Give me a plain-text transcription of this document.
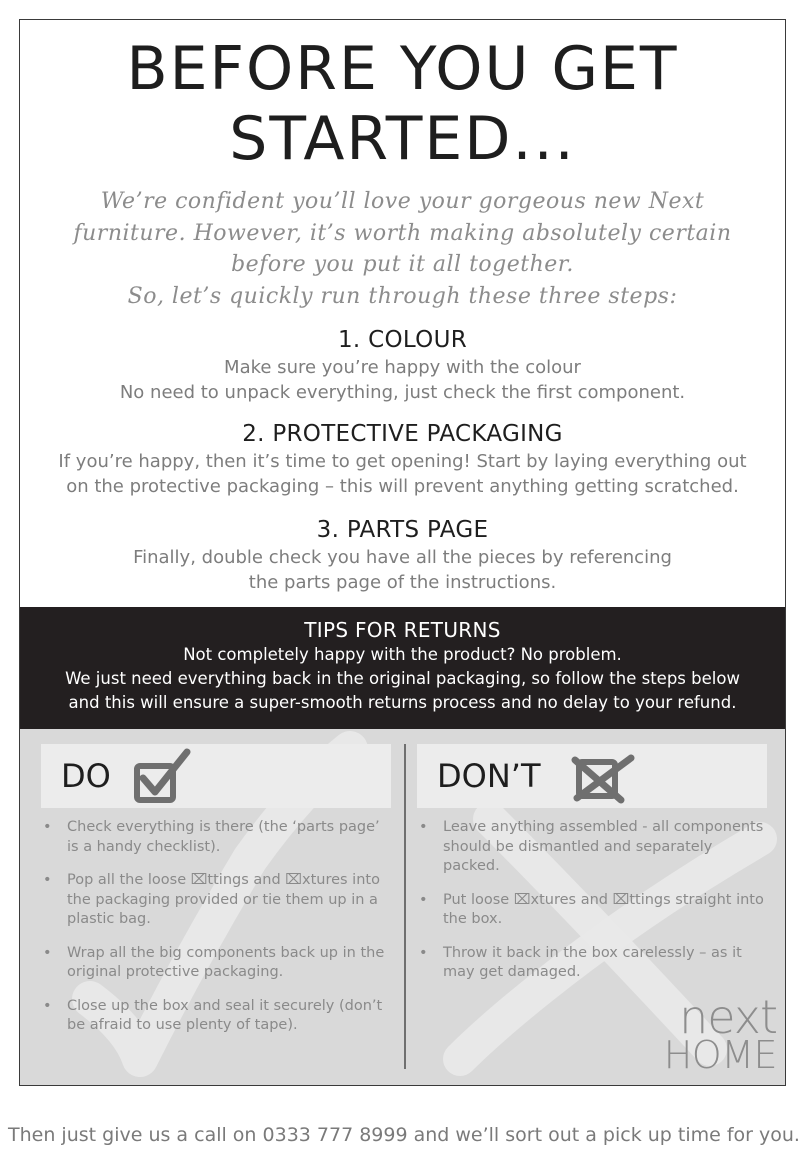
BEFORE YOU GET
STARTED...
We’re confident you’ll love your gorgeous new Next
furniture. However, it’s worth making absolutely certain
before you put it all together.
So, let’s quickly run through these three steps:
1. COLOUR

Make sure you’re happy with the colour
No need to unpack everything, just check the first component.

2. PROTECTIVE PACKAGING

If you’re happy, then it’s time to get opening! Start by laying everything out
on the protective packaging – this will prevent anything getting scratched.

3. PARTS PAGE

Finally, double check you have all the pieces by referencing
the parts page of the instructions.

TIPS FOR RETURNS

Not completely happy with the product? No problem.
We just need everything back in the original packaging, so follow the steps below
and this will ensure a super-smooth returns process and no delay to your refund.

DO
• Check everything is there (the ‘parts page’ is a handy checklist).
• Pop all the loose ⌧ttings and ⌧xtures into the packaging provided or tie them up in a plastic bag.
• Wrap all the big components back up in the original protective packaging.
• Close up the box and seal it securely (don’t be afraid to use plenty of tape).
DON’T
• Leave anything assembled - all components should be dismantled and separately packed.
• Put loose ⌧xtures and ⌧ttings straight into the box.
• Throw it back in the box carelessly – as it may get damaged.
next
HOME
Then just give us a call on 0333 777 8999 and we’ll sort out a pick up time for you.
